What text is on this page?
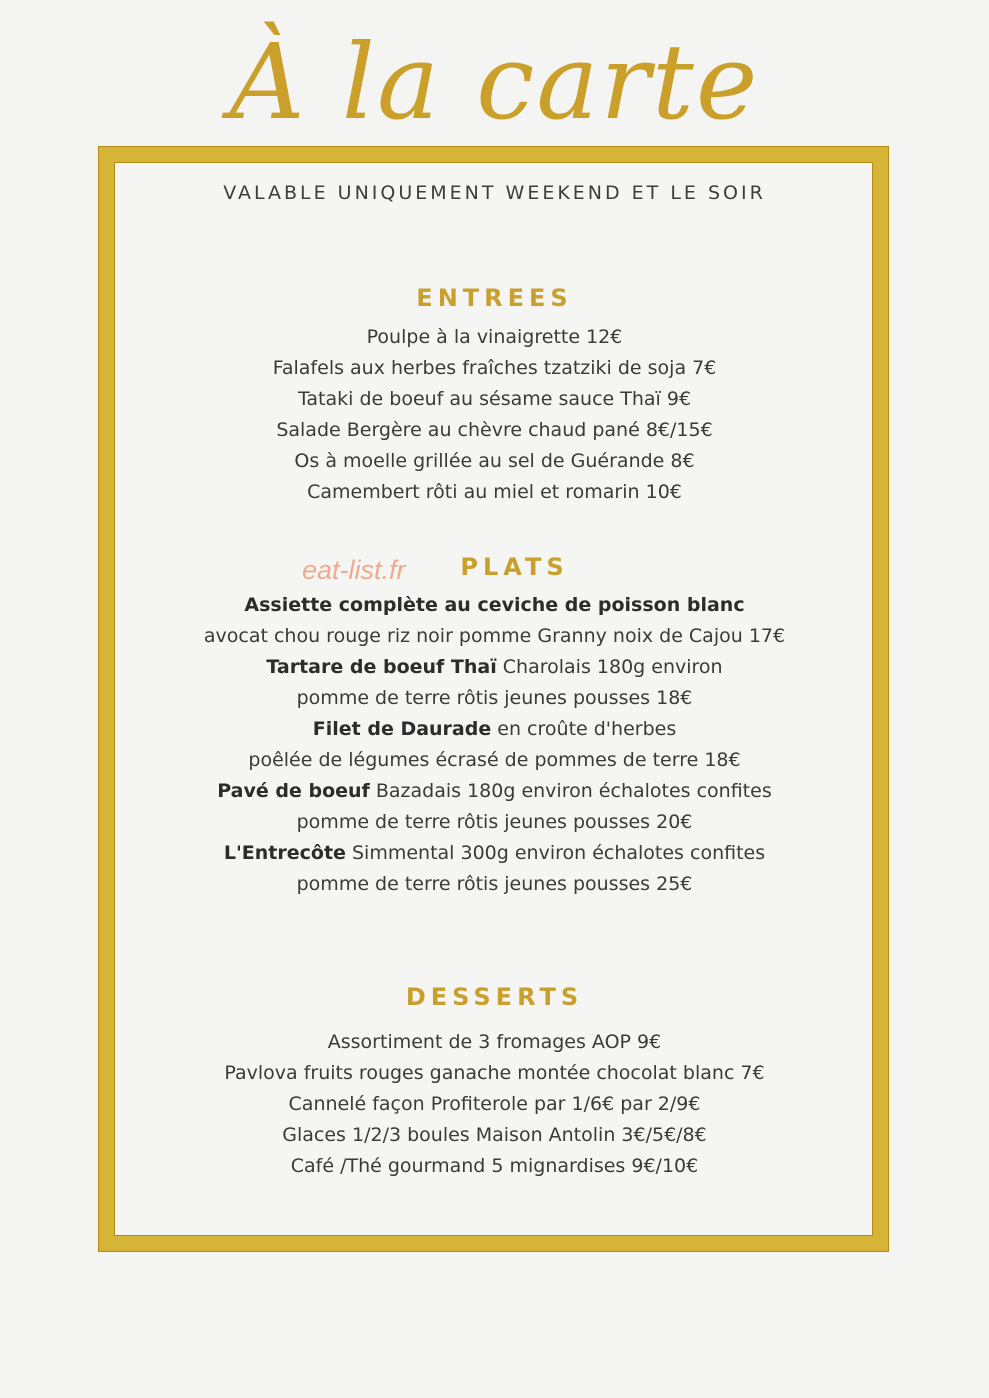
À la carte
VALABLE UNIQUEMENT WEEKEND ET LE SOIR
ENTREES
Poulpe à la vinaigrette 12€
Falafels aux herbes fraîches tzatziki de soja 7€
Tataki de boeuf au sésame sauce Thaï 9€
Salade Bergère au chèvre chaud pané 8€/15€
Os à moelle grillée au sel de Guérande 8€
Camembert rôti au miel et romarin 10€
eat-list.fr	PLATS
Assiette complète au ceviche de poisson blanc
avocat chou rouge riz noir pomme Granny noix de Cajou 17€
Tartare de boeuf Thaï Charolais 180g environ
pomme de terre rôtis jeunes pousses 18€
Filet de Daurade en croûte d'herbes
poêlée de légumes écrasé de pommes de terre 18€
Pavé de boeuf Bazadais 180g environ échalotes confites
pomme de terre rôtis jeunes pousses 20€
L'Entrecôte Simmental 300g environ échalotes confites
pomme de terre rôtis jeunes pousses 25€
DESSERTS
Assortiment de 3 fromages AOP 9€
Pavlova fruits rouges ganache montée chocolat blanc 7€
Cannelé façon Profiterole par 1/6€ par 2/9€
Glaces 1/2/3 boules Maison Antolin 3€/5€/8€
Café /Thé gourmand 5 mignardises 9€/10€
